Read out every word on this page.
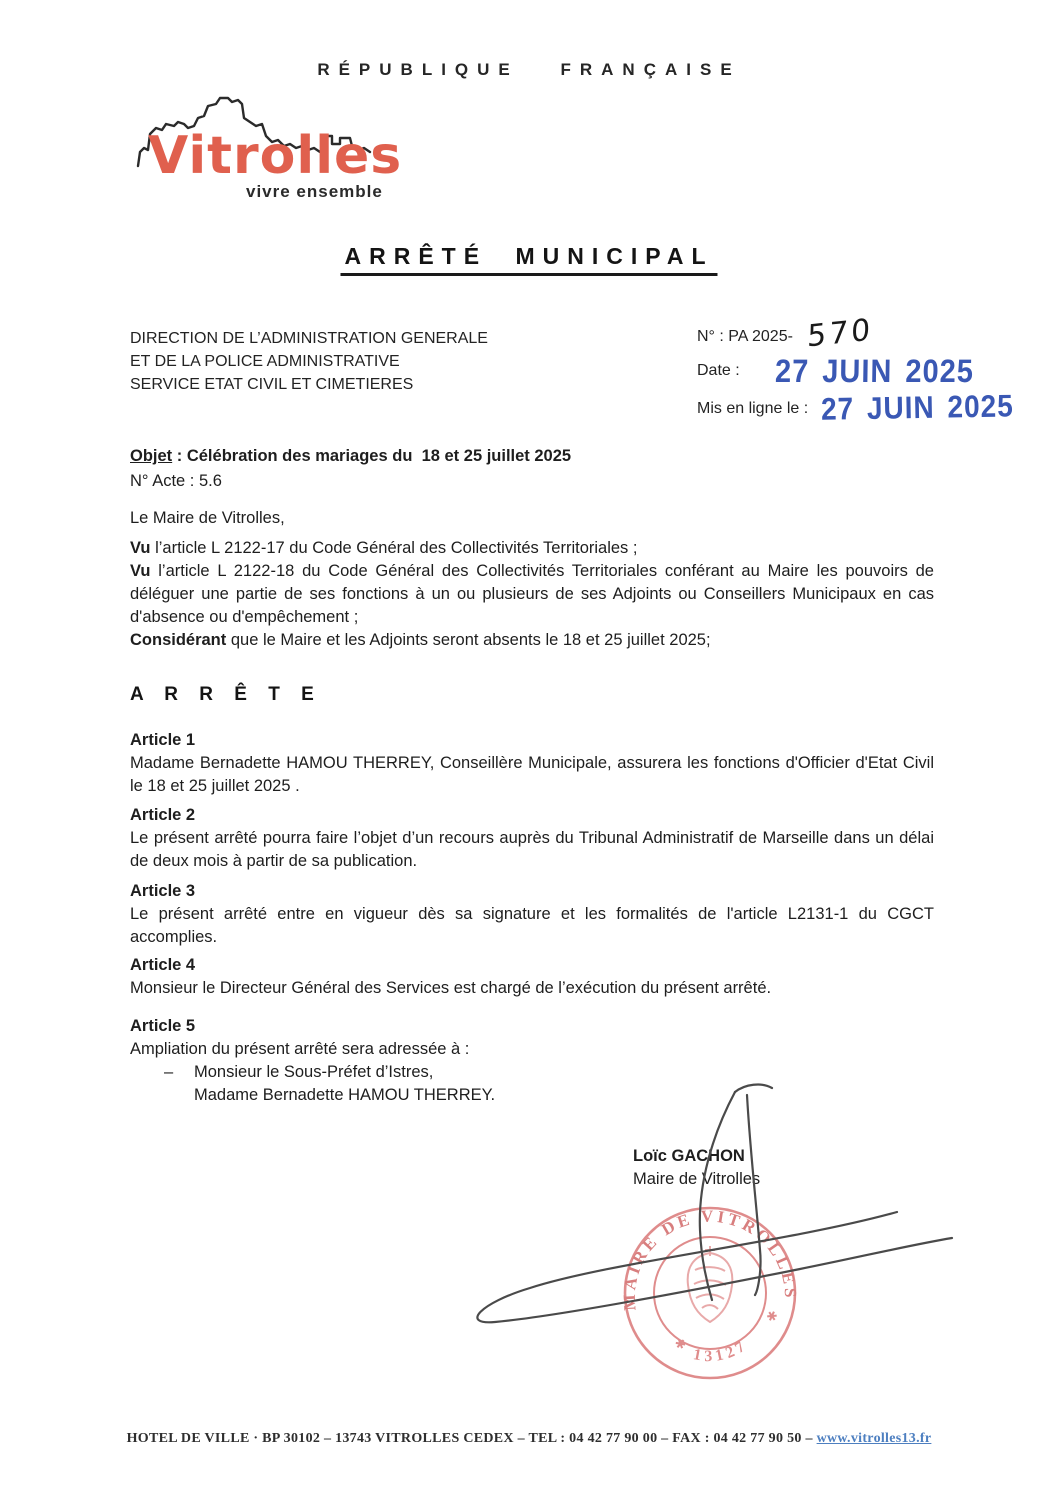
RÉPUBLIQUE FRANÇAISE
Vitrolles
vivre ensemble
ARRÊTÉ MUNICIPAL
DIRECTION DE L’ADMINISTRATION GENERALE
ET DE LA POLICE ADMINISTRATIVE
SERVICE ETAT CIVIL ET CIMETIERES
N° : PA 2025- 570
Date : 27 JUIN 2025
Mis en ligne le : 27 JUIN 2025
Objet : Célébration des mariages du  18 et 25 juillet 2025
N° Acte : 5.6
Le Maire de Vitrolles,

Vu l’article L 2122-17 du Code Général des Collectivités Territoriales ;

Vu l’article L 2122-18 du Code Général des Collectivités Territoriales conférant au Maire les pouvoirs de déléguer une partie de ses fonctions à un ou plusieurs de ses Adjoints ou Conseillers Municipaux en cas d'absence ou d'empêchement ;

Considérant que le Maire et les Adjoints seront absents le 18 et 25 juillet 2025;

A R R Ê T E
Article 1

Madame Bernadette HAMOU THERREY, Conseillère Municipale, assurera les fonctions d'Officier d'Etat Civil le 18 et 25 juillet 2025 .

Article 2

Le présent arrêté pourra faire l’objet d’un recours auprès du Tribunal Administratif de Marseille dans un délai de deux mois à partir de sa publication.

Article 3

Le présent arrêté entre en vigueur dès sa signature et les formalités de l'article L2131-1 du CGCT accomplies.

Article 4

Monsieur le Directeur Général des Services est chargé de l’exécution du présent arrêté.

Article 5

Ampliation du présent arrêté sera adressée à :

–	Monsieur le Sous-Préfet d’Istres,
Madame Bernadette HAMOU THERREY.
Loïc GACHON
Maire de Vitrolles
MAIRE DE VITROLLES
13127
✱
✱
HOTEL DE VILLE · BP 30102 – 13743 VITROLLES CEDEX – TEL : 04 42 77 90 00 – FAX : 04 42 77 90 50 – www.vitrolles13.fr
